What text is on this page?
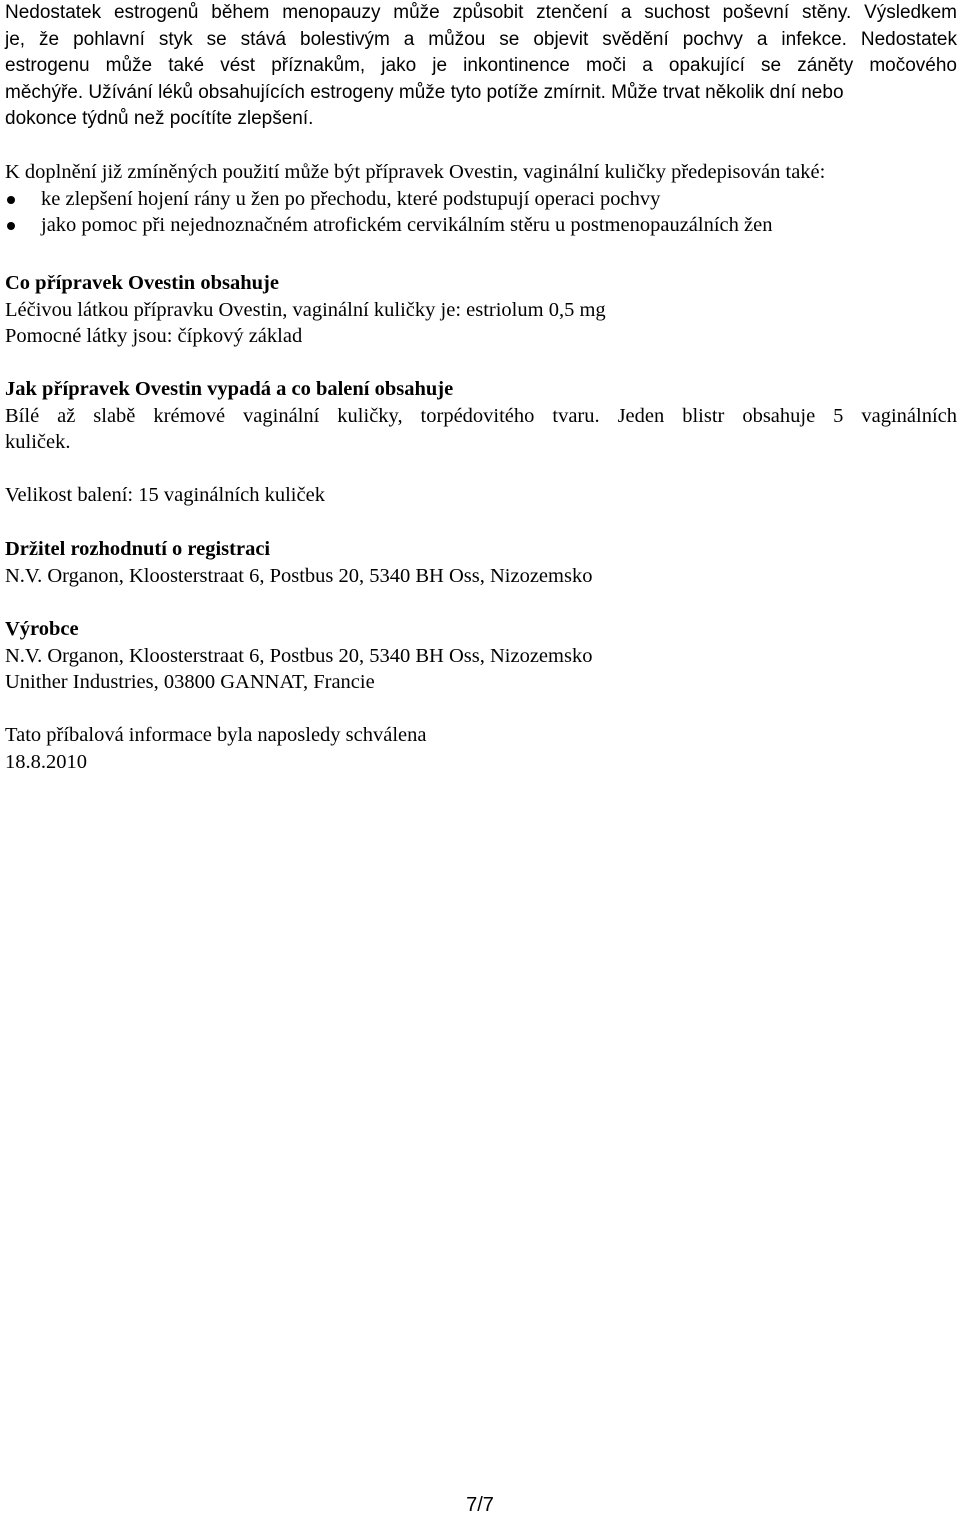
Nedostatek estrogenů během menopauzy může způsobit ztenčení a suchost poševní stěny. Výsledkem
je, že pohlavní styk se stává bolestivým a můžou se objevit svědění pochvy a infekce. Nedostatek
estrogenu může také vést příznakům, jako je inkontinence moči a opakující se záněty močového
měchýře. Užívání léků obsahujících estrogeny může tyto potíže zmírnit. Může trvat několik dní nebo
dokonce týdnů než pocítíte zlepšení.
K doplnění již zmíněných použití může být přípravek Ovestin, vaginální kuličky předepisován také:
ke zlepšení hojení rány u žen po přechodu, které podstupují operaci pochvy
jako pomoc při nejednoznačném atrofickém cervikálním stěru u postmenopauzálních žen
Co přípravek Ovestin obsahuje
Léčivou látkou přípravku Ovestin, vaginální kuličky je: estriolum 0,5 mg
Pomocné látky jsou: čípkový základ
Jak přípravek Ovestin vypadá a co balení obsahuje
Bílé až slabě krémové vaginální kuličky, torpédovitého tvaru. Jeden blistr obsahuje 5 vaginálních
kuliček.
Velikost balení: 15 vaginálních kuliček
Držitel rozhodnutí o registraci
N.V. Organon, Kloosterstraat 6, Postbus 20, 5340 BH Oss, Nizozemsko
Výrobce
N.V. Organon, Kloosterstraat 6, Postbus 20, 5340 BH Oss, Nizozemsko
Unither Industries, 03800 GANNAT, Francie
Tato příbalová informace byla naposledy schválena
18.8.2010
7/7
